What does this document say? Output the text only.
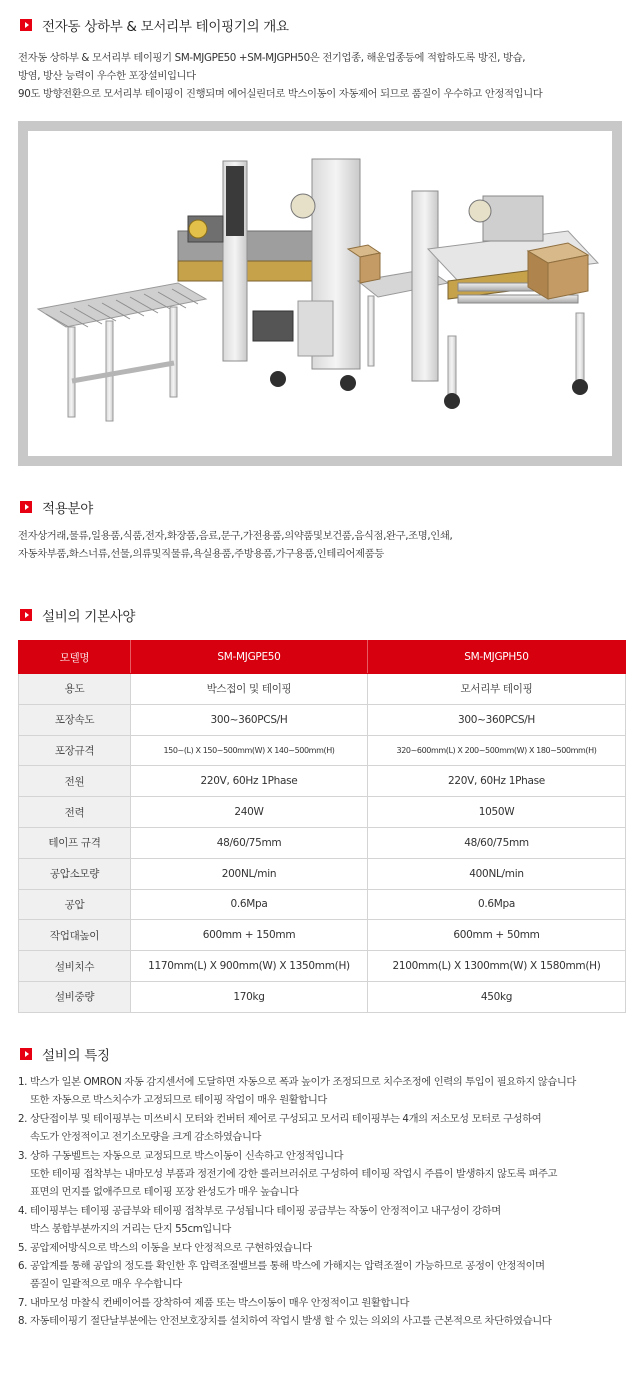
전자동 상하부 & 모서리부 테이핑기의 개요
전자동 상하부 & 모서리부 테이핑기 SM-MJGPE50 +SM-MJGPH50은 전기업종, 해운업종등에 적합하도록 방진, 방습,
방염, 방산 능력이 우수한 포장설비입니다
90도 방향전환으로 모서리부 테이핑이 진행되며 에어실린더로 박스이동이 자동제어 되므로 품질이 우수하고 안정적입니다
적용분야
전자상거래,물류,일용품,식품,전자,화장품,음료,문구,가전용품,의약품및보건품,음식점,완구,조명,인쇄,
자동차부품,화스너류,선물,의류및직물류,욕실용품,주방용품,가구용품,인테리어제품등
설비의 기본사양
모델명	SM-MJGPE50	SM-MJGPH50
용도	박스접이 및 테이핑	모서리부 테이핑
포장속도	300~360PCS/H	300~360PCS/H
포장규격	150~(L) X 150~500mm(W) X 140~500mm(H)	320~600mm(L) X 200~500mm(W) X 180~500mm(H)
전원	220V, 60Hz 1Phase	220V, 60Hz 1Phase
전력	240W	1050W
테이프 규격	48/60/75mm	48/60/75mm
공압소모량	200NL/min	400NL/min
공압	0.6Mpa	0.6Mpa
작업대높이	600mm + 150mm	600mm + 50mm
설비치수	1170mm(L) X 900mm(W) X 1350mm(H)	2100mm(L) X 1300mm(W) X 1580mm(H)
설비중량	170kg	450kg
설비의 특징
1. 박스가 일본 OMRON 자동 감지센서에 도달하면 자동으로 폭과 높이가 조정되므로 치수조정에 인력의 투입이 필요하지 않습니다
또한 자동으로 박스치수가 고정되므로 테이핑 작업이 매우 원활합니다
2. 상단접이부 및 테이핑부는 미쓰비시 모터와 컨버터 제어로 구성되고 모서리 테이핑부는 4개의 저소모성 모터로 구성하여
속도가 안정적이고 전기소모량을 크게 감소하였습니다
3. 상하 구동벨트는 자동으로 교정되므로 박스이동이 신속하고 안정적입니다
또한 테이핑 접착부는 내마모성 부품과 정전기에 강한 롤러브러쉬로 구성하여 테이핑 작업시 주름이 발생하지 않도록 펴주고
표면의 먼지를 없애주므로 테이핑 포장 완성도가 매우 높습니다
4. 테이핑부는 테이핑 공급부와 테이핑 접착부로 구성됩니다 테이핑 공급부는 작동이 안정적이고 내구성이 강하며
박스 봉합부분까지의 거리는 단지 55cm입니다
5. 공압제어방식으로 박스의 이동을 보다 안정적으로 구현하였습니다
6. 공압계를 통해 공압의 정도를 확인한 후 압력조절밸브를 통해 박스에 가해지는 압력조절이 가능하므로 공정이 안정적이며
품질이 일괄적으로 매우 우수합니다
7. 내마모성 마찰식 컨베이어를 장착하여 제품 또는 박스이동이 매우 안정적이고 원활합니다
8. 자동테이핑기 절단날부분에는 안전보호장치를 설치하여 작업시 발생 할 수 있는 의외의 사고를 근본적으로 차단하였습니다
